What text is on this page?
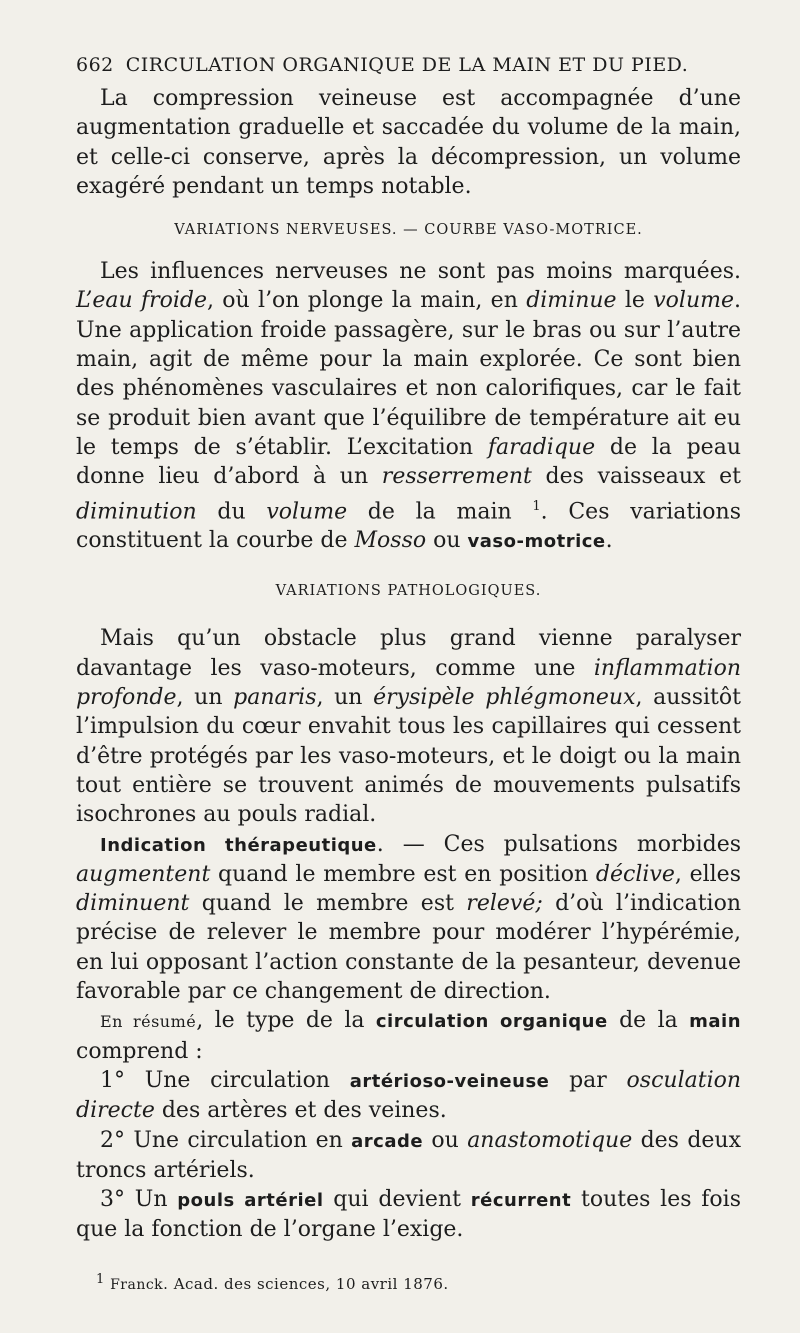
662 CIRCULATION ORGANIQUE DE LA MAIN ET DU PIED.

La compression veineuse est accompagnée d’une augmentation graduelle et saccadée du volume de la main, et celle-ci conserve, après la décompression, un volume exagéré pendant un temps notable.

VARIATIONS NERVEUSES. — COURBE VASO-MOTRICE.

Les influences nerveuses ne sont pas moins marquées. L’eau froide, où l’on plonge la main, en diminue le volume. Une application froide passagère, sur le bras ou sur l’autre main, agit de même pour la main explorée. Ce sont bien des phénomènes vasculaires et non calorifiques, car le fait se produit bien avant que l’équilibre de température ait eu le temps de s’établir. L’excitation faradique de la peau donne lieu d’abord à un resserrement des vaisseaux et diminution du volume de la main $^1$. Ces variations constituent la courbe de Mosso ou vaso-motrice.

VARIATIONS PATHOLOGIQUES.

Mais qu’un obstacle plus grand vienne paralyser davantage les vaso-moteurs, comme une inflammation profonde, un panaris, un érysipèle phlégmoneux, aussitôt l’impulsion du cœur envahit tous les capillaires qui cessent d’être protégés par les vaso-moteurs, et le doigt ou la main tout entière se trouvent animés de mouvements pulsatifs isochrones au pouls radial.

Indication thérapeutique. — Ces pulsations morbides augmentent quand le membre est en position déclive, elles diminuent quand le membre est relevé; d’où l’indication précise de relever le membre pour modérer l’hypérémie, en lui opposant l’action constante de la pesanteur, devenue favorable par ce changement de direction.

En résumé, le type de la circulation organique de la main comprend :

1° Une circulation artérioso-veineuse par osculation directe des artères et des veines.

2° Une circulation en arcade ou anastomotique des deux troncs artériels.

3° Un pouls artériel qui devient récurrent toutes les fois que la fonction de l’organe l’exige.

$^1$ Franck. Acad. des sciences, 10 avril 1876.
